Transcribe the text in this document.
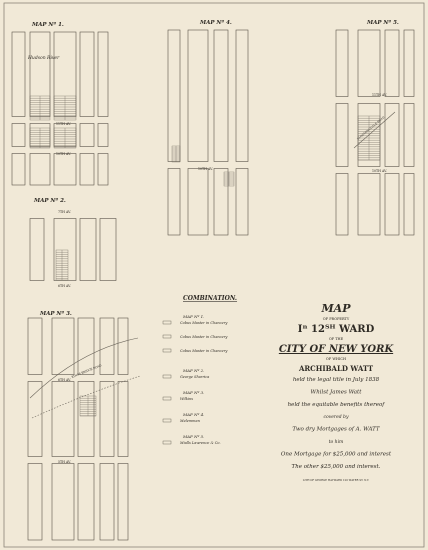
MAP Nº 1.
Hudson River
11TH AV.
10TH AV.
MAP Nº 4.
10TH AV.
MAP Nº 5.
11TH AV.
10TH AV.
BLOOMINGDALE ROAD
MAP Nº 2.
7TH AV.
6TH AV.
MAP Nº 3.
6TH AV.
5TH AV.
KINGS BRIDGE ROAD
COMBINATION.
MAP Nº 1.
Cobus Master in Chancery
Cobus Master in Chancery
Cobus Master in Chancery
MAP Nº 2.
George Sharrica
MAP Nº 3.
Wilkins
MAP Nº 4.
Melemman
MAP Nº 5.
Mialls Lawrence & Co.
MAP
OF PROPERTY
Iⁿ 12ᵀᴴ WARD
OF THE
CITY OF NEW YORK
OF WHICH
ARCHIBALD WATT
held the legal title in July 1838
Whilst James Watt
held the equitable benefits thereof
covered by
Two dry Mortgages of A. WATT
to him
One Mortgage for $25,000 and interest
The other $25,000 and interest.
LITH OF GEORGE HAYWARD 120 WATER ST. N.Y.
